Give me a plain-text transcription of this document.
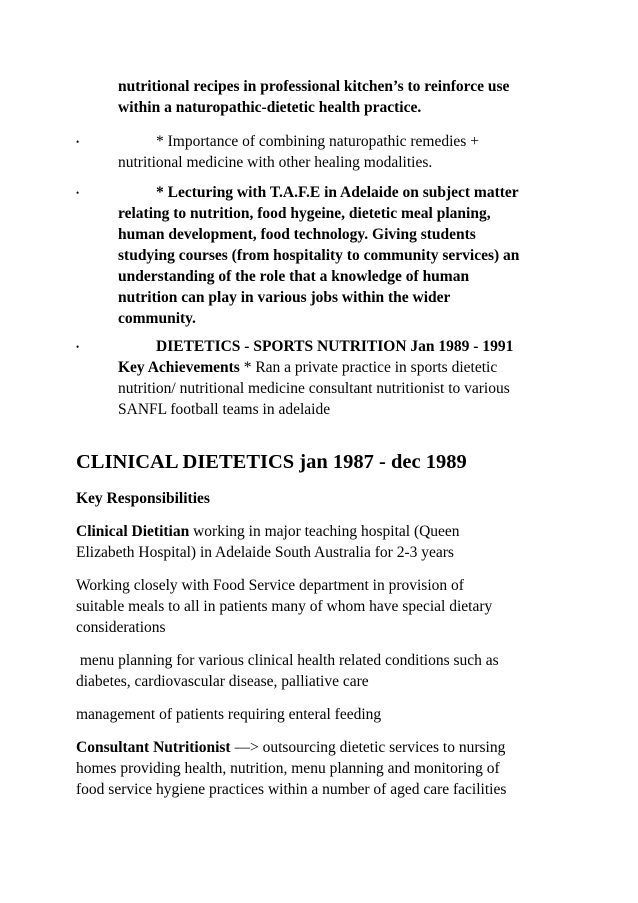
nutritional recipes in professional kitchen’s to reinforce use
within a naturopathic-dietetic health practice.
•	* Importance of combining naturopathic remedies +
nutritional medicine with other healing modalities.
•	* Lecturing with T.A.F.E in Adelaide on subject matter
relating to nutrition, food hygeine, dietetic meal planing,
human development, food technology. Giving students
studying courses (from hospitality to community services) an
understanding of the role that a knowledge of human
nutrition can play in various jobs within the wider
community.
•	DIETETICS - SPORTS NUTRITION Jan 1989 - 1991
Key Achievements * Ran a private practice in sports dietetic
nutrition/ nutritional medicine consultant nutritionist to various
SANFL football teams in adelaide
CLINICAL DIETETICS jan 1987 - dec 1989
Key Responsibilities
Clinical Dietitian working in major teaching hospital (Queen
Elizabeth Hospital) in Adelaide South Australia for 2-3 years
Working closely with Food Service department in provision of
suitable meals to all in patients many of whom have special dietary
considerations
menu planning for various clinical health related conditions such as
diabetes, cardiovascular disease, palliative care
management of patients requiring enteral feeding
Consultant Nutritionist —> outsourcing dietetic services to nursing
homes providing health, nutrition, menu planning and monitoring of
food service hygiene practices within a number of aged care facilities
